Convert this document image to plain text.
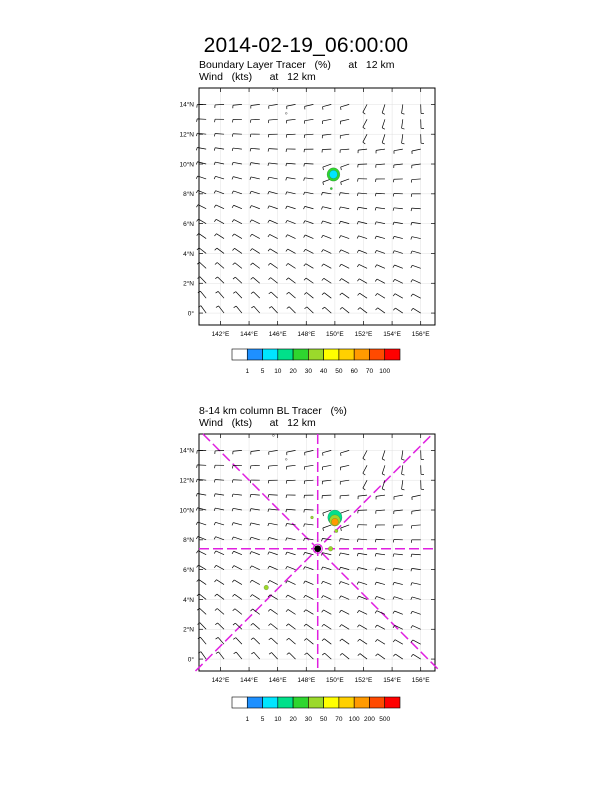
2014-02-19_06:00:00
Boundary Layer Tracer   (%)      at   12 km
Wind   (kts)      at   12 km
8-14 km column BL Tracer   (%)
Wind   (kts)      at   12 km
142°E 144°E 146°E 148°E 150°E 152°E 154°E 156°E
0°
2°N
4°N
6°N
8°N
10°N
12°N
14°N
1 5 10 20 30 40 50 60 70 100
142°E 144°E 146°E 148°E 150°E 152°E 154°E 156°E
0°
2°N
4°N
6°N
8°N
10°N
12°N
14°N
1 5 10 20 30 50 70 100 200 500
